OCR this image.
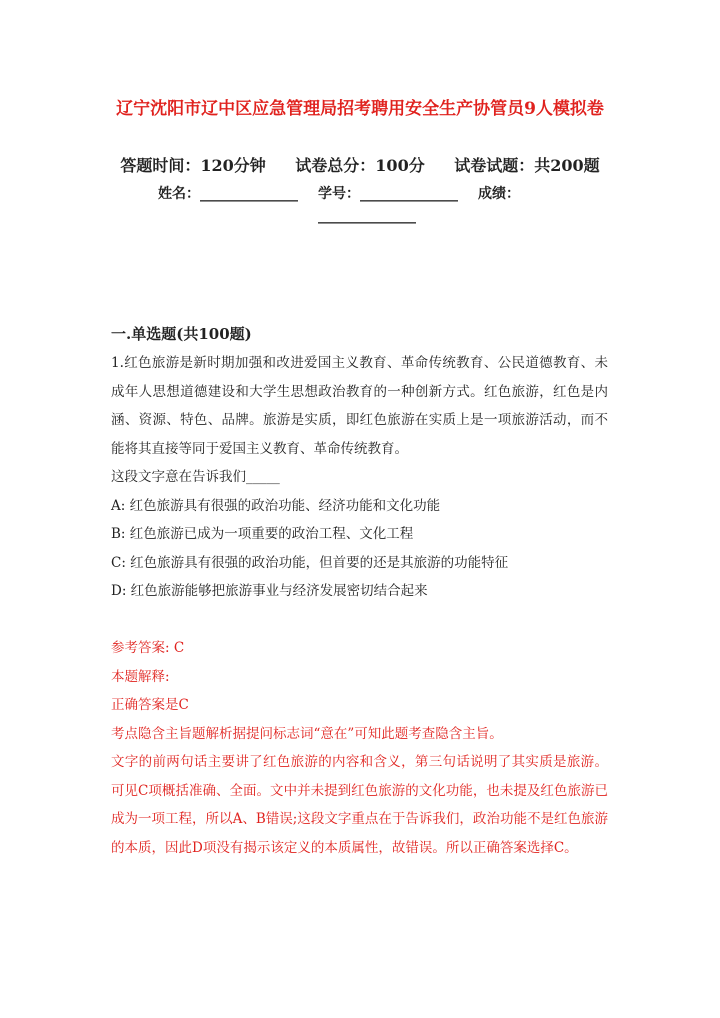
辽宁沈阳市辽中区应急管理局招考聘用安全生产协管员9人模拟卷
答题时间：120分钟 试卷总分：100分 试卷试题：共200题
姓名：______________ 学号：______________ 成绩：
______________
一.单选题(共100题)

1.红色旅游是新时期加强和改进爱国主义教育、革命传统教育、公民道德教育、未成年人思想道德建设和大学生思想政治教育的一种创新方式。红色旅游，红色是内涵、资源、特色、品牌。旅游是实质，即红色旅游在实质上是一项旅游活动，而不能将其直接等同于爱国主义教育、革命传统教育。

这段文字意在告诉我们_____

A: 红色旅游具有很强的政治功能、经济功能和文化功能

B: 红色旅游已成为一项重要的政治工程、文化工程

C: 红色旅游具有很强的政治功能，但首要的还是其旅游的功能特征

D: 红色旅游能够把旅游事业与经济发展密切结合起来

参考答案: C

本题解释:

正确答案是C

考点隐含主旨题解析据提问标志词“意在”可知此题考查隐含主旨。

文字的前两句话主要讲了红色旅游的内容和含义，第三句话说明了其实质是旅游。可见C项概括准确、全面。文中并未提到红色旅游的文化功能，也未提及红色旅游已成为一项工程，所以A、B错误;这段文字重点在于告诉我们，政治功能不是红色旅游的本质，因此D项没有揭示该定义的本质属性，故错误。所以正确答案选择C。
